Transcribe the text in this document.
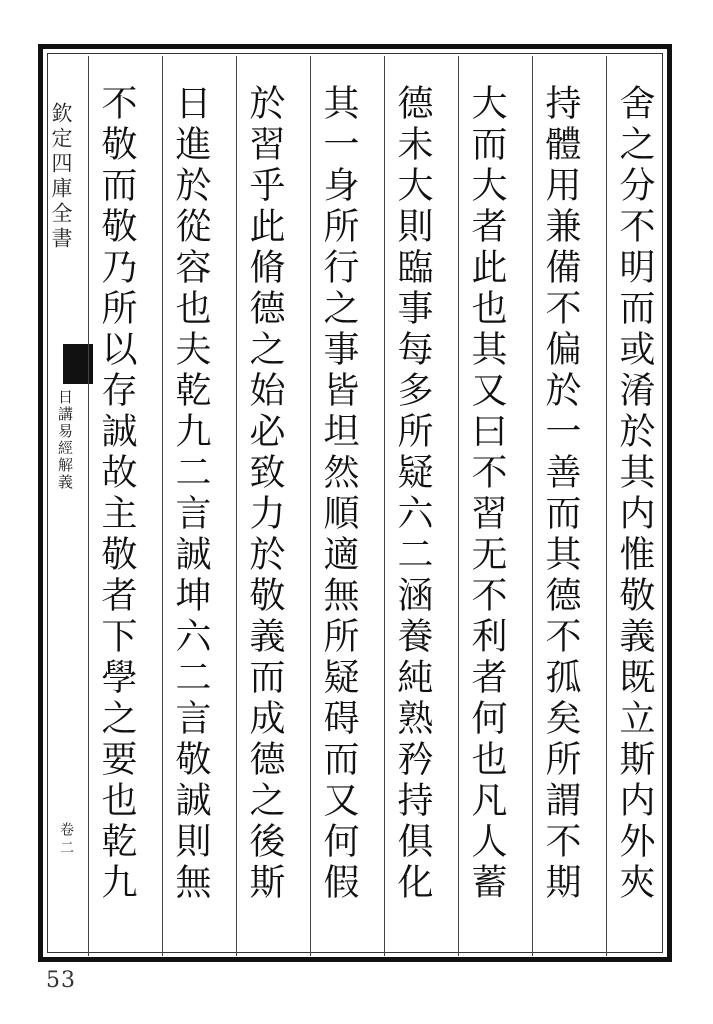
欽定四庫全書
日講易經解義
卷二	舍之分不明而或淆於其内惟敬義既立斯内外夾
持體用兼備不偏於一善而其德不孤矣所謂不期
大而大者此也其又曰不習无不利者何也凡人蓄
德未大則臨事每多所疑六二涵養純熟矜持俱化
其一身所行之事皆坦然順適無所疑碍而又何假
於習乎此脩德之始必致力於敬義而成德之後斯
日進於從容也夫乾九二言誠坤六二言敬誠則無
不敬而敬乃所以存誠故主敬者下學之要也乾九
53
